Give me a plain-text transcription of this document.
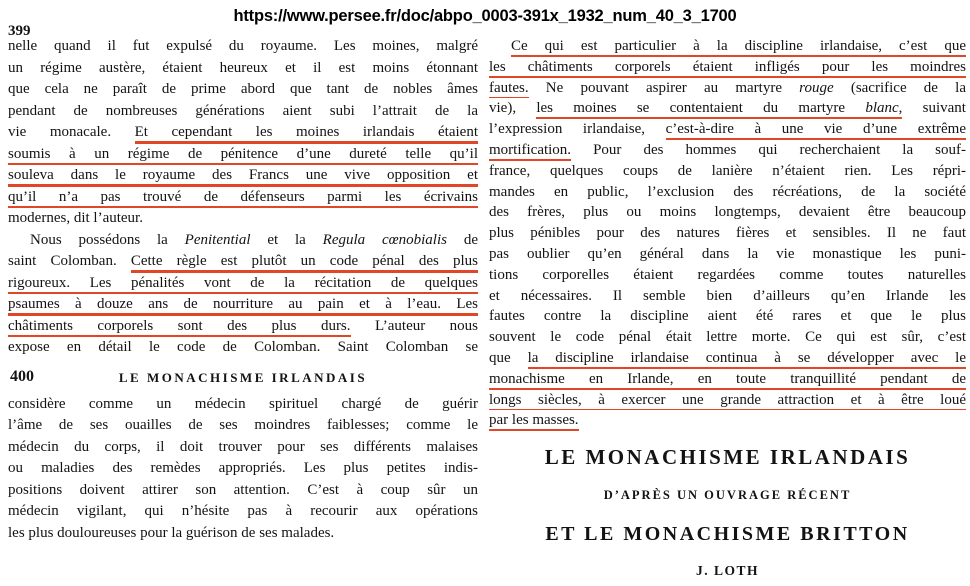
https://www.persee.fr/doc/abpo_0003-391x_1932_num_40_3_1700
399
nelle quand il fut expulsé du royaume. Les moines, malgré
un régime austère, étaient heureux et il est moins étonnant
que cela ne paraît de prime abord que tant de nobles âmes
pendant de nombreuses générations aient subi l’attrait de la
vie monacale. Et cependant les moines irlandais étaient
soumis à un régime de pénitence d’une dureté telle qu’il
souleva dans le royaume des Francs une vive opposition et
qu’il n’a pas trouvé de défenseurs parmi les écrivains
modernes, dit l’auteur.
Nous possédons la Penitential et la Regula cœnobialis de
saint Colomban. Cette règle est plutôt un code pénal des plus
rigoureux. Les pénalités vont de la récitation de quelques
psaumes à douze ans de nourriture au pain et à l’eau. Les
châtiments corporels sont des plus durs. L’auteur nous
expose en détail le code de Colomban. Saint Colomban se
400	LE MONACHISME IRLANDAIS
considère comme un médecin spirituel chargé de guérir
l’âme de ses ouailles de ses moindres faiblesses; comme le
médecin du corps, il doit trouver pour ses différents malaises
ou maladies des remèdes appropriés. Les plus petites indis-
positions doivent attirer son attention. C’est à coup sûr un
médecin vigilant, qui n’hésite pas à recourir aux opérations
les plus douloureuses pour la guérison de ses malades.
Ce qui est particulier à la discipline irlandaise, c’est que
les châtiments corporels étaient infligés pour les moindres
fautes. Ne pouvant aspirer au martyre rouge (sacrifice de la
vie), les moines se contentaient du martyre blanc, suivant
l’expression irlandaise, c’est-à-dire à une vie d’une extrême
mortification. Pour des hommes qui recherchaient la souf-
france, quelques coups de lanière n’étaient rien. Les répri-
mandes en public, l’exclusion des récréations, de la société
des frères, plus ou moins longtemps, devaient être beaucoup
plus pénibles pour des natures fières et sensibles. Il ne faut
pas oublier qu’en général dans la vie monastique les puni-
tions corporelles étaient regardées comme toutes naturelles
et nécessaires. Il semble bien d’ailleurs qu’en Irlande les
fautes contre la discipline aient été rares et que le plus
souvent le code pénal était lettre morte. Ce qui est sûr, c’est
que la discipline irlandaise continua à se développer avec le
monachisme en Irlande, en toute tranquillité pendant de
longs siècles, à exercer une grande attraction et à être loué
par les masses.
LE MONACHISME IRLANDAIS
D’APRÈS UN OUVRAGE RÉCENT
ET LE MONACHISME BRITTON
J. LOTH
